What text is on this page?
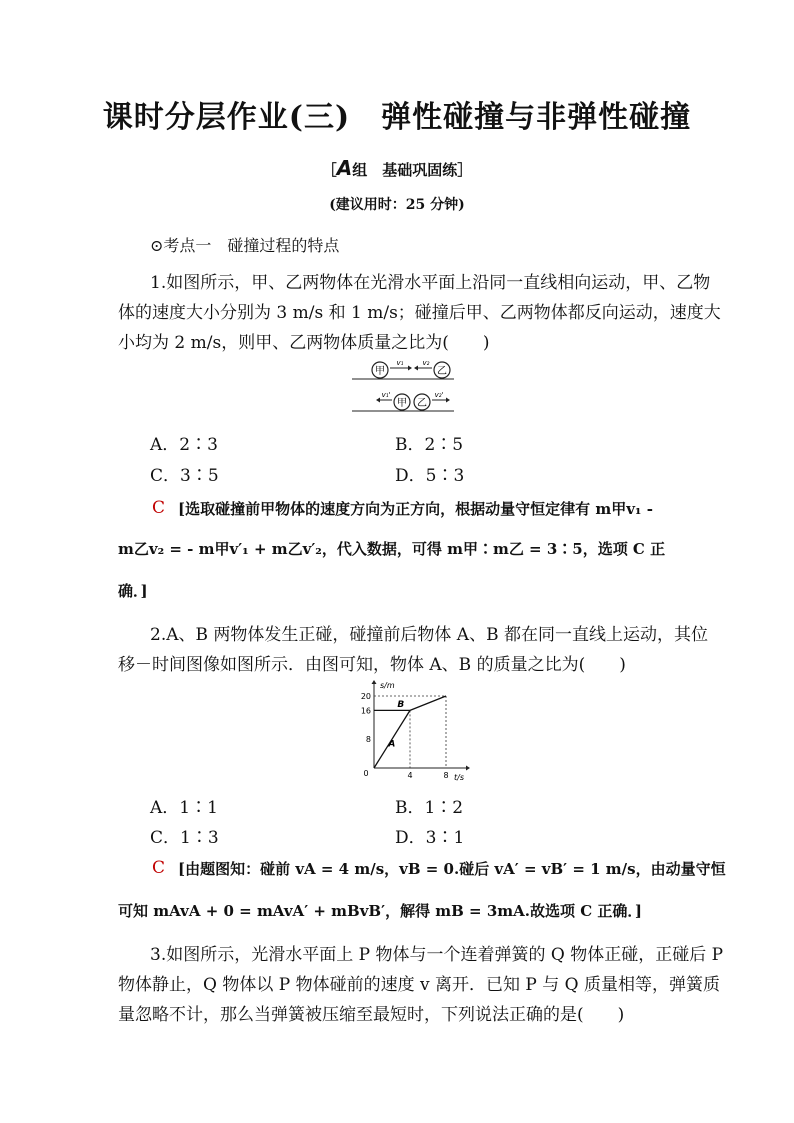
课时分层作业(三)　弹性碰撞与非弹性碰撞
［A组　基础巩固练］
(建议用时：25 分钟)
⊙考点一　碰撞过程的特点
1.如图所示，甲、乙两物体在光滑水平面上沿同一直线相向运动，甲、乙物
体的速度大小分别为 3 m/s 和 1 m/s；碰撞后甲、乙两物体都反向运动，速度大
小均为 2 m/s，则甲、乙两物体质量之比为(　　)
甲	乙
v₁	v₂
甲 乙
v₁'	v₂'
A．2∶3	B．2∶5
C．3∶5	D．5∶3
C [选取碰撞前甲物体的速度方向为正方向，根据动量守恒定律有 m甲v₁ -
m乙v₂ = - m甲v′₁ + m乙v′₂，代入数据，可得 m甲∶m乙 = 3∶5，选项 C 正
确．]
2.A、B 两物体发生正碰，碰撞前后物体 A、B 都在同一直线上运动，其位
移－时间图像如图所示．由图可知，物体 A、B 的质量之比为(　　)
s/m
t/s
0
A
B
8
16
20
4	8
A．1∶1	B．1∶2
C．1∶3	D．3∶1
C [由题图知：碰前 vA = 4 m/s，vB = 0.碰后 vA′ = vB′ = 1 m/s，由动量守恒
可知 mAvA + 0 = mAvA′ + mBvB′，解得 mB = 3mA.故选项 C 正确．]
3.如图所示，光滑水平面上 P 物体与一个连着弹簧的 Q 物体正碰，正碰后 P
物体静止，Q 物体以 P 物体碰前的速度 v 离开．已知 P 与 Q 质量相等，弹簧质
量忽略不计，那么当弹簧被压缩至最短时，下列说法正确的是(　　)
